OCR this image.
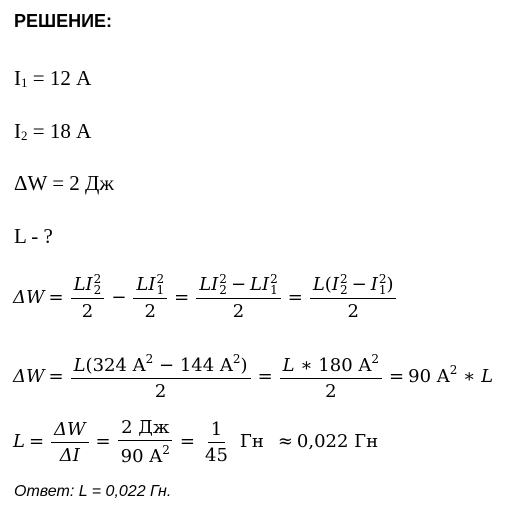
РЕШЕНИЕ:
I1 = 12 А
I2 = 18 А
ΔW = 2 Дж
L - ?
ΔW = LI 2
2
2 − LI 2
1
2 = LI 2
2 − LI 2
1
2 = L(I 2
2 − I 2
1 )
2
$\Delta W = \frac{L(324 A^2 - 144 A^2)}{2} = \frac{L ∗ 180 A^2}{2} = 90$ $A^2$ ∗ L
$L = \frac{\Delta W}{\Delta I} = \frac{2 Дж}{90 A^2} = \frac{1}{45}$ Гн ≈ 0,022 Гн
Ответ: L = 0,022 Гн.
